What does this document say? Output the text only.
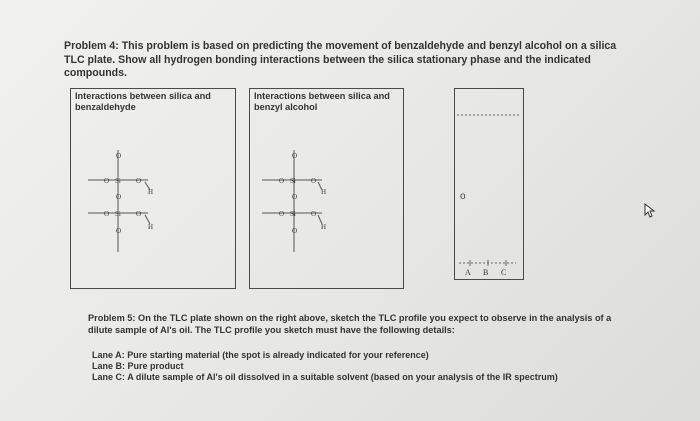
Problem 4: This problem is based on predicting the movement of benzaldehyde and benzyl alcohol on a silica TLC plate. Show all hydrogen bonding interactions between the silica stationary phase and the indicated compounds.
Interactions between silica and benzaldehyde
Interactions between silica and benzyl alcohol
O
O Si O
H
O
O Si O
H
O
O
O Si O
H
O
O Si O
H
O
o
A B C
Problem 5: On the TLC plate shown on the right above, sketch the TLC profile you expect to observe in the analysis of a dilute sample of Al's oil. The TLC profile you sketch must have the following details:
Lane A: Pure starting material (the spot is already indicated for your reference)
Lane B: Pure product
Lane C: A dilute sample of Al's oil dissolved in a suitable solvent (based on your analysis of the IR spectrum)
